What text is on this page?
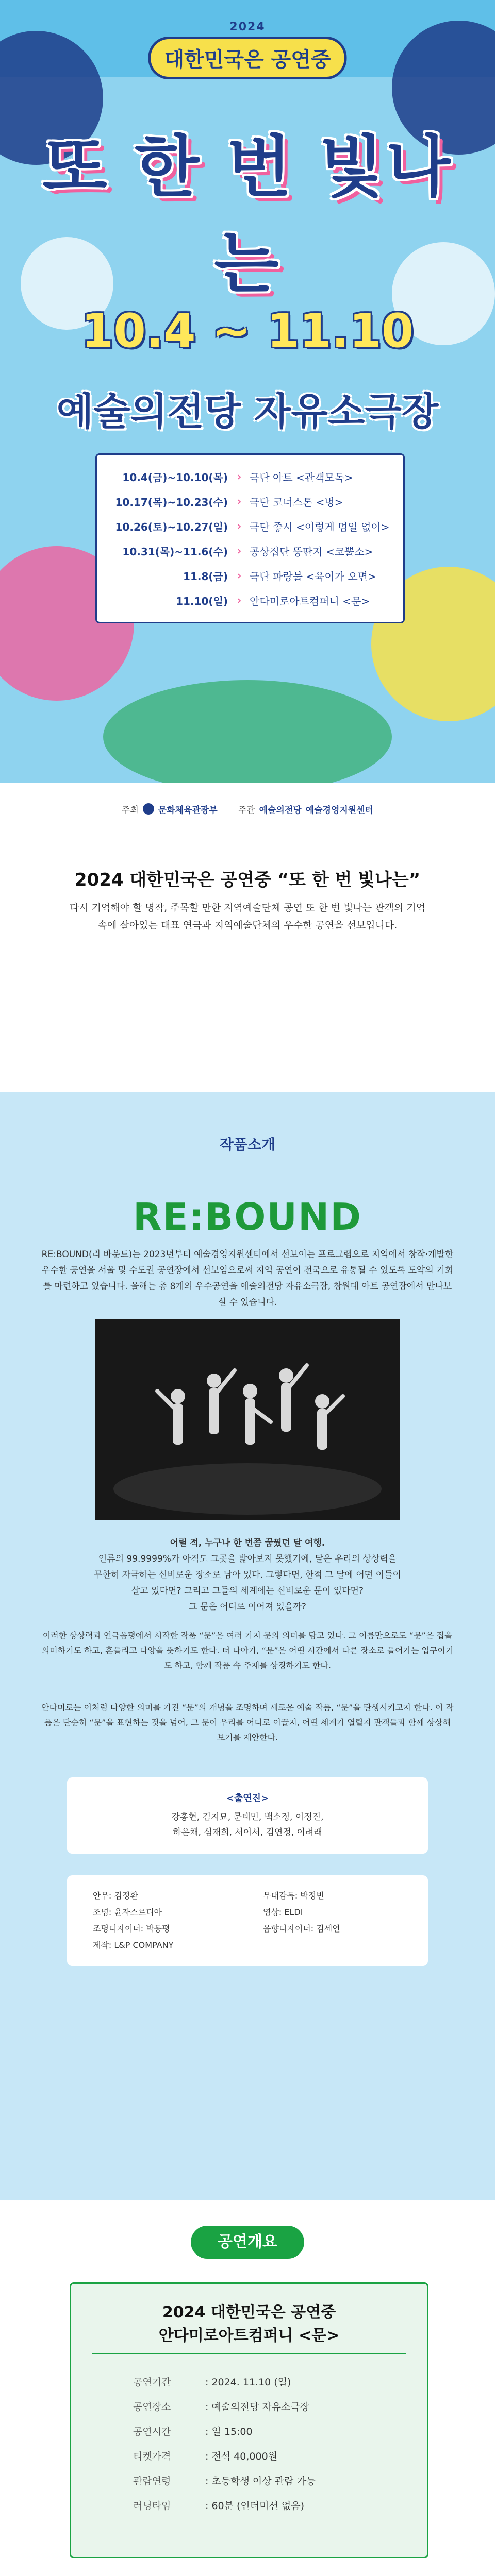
2024
대한민국은 공연중
또 한 번 빛나는
10.4 ~ 11.10
예술의전당 자유소극장
10.4(금)~10.10(목) › 극단 아트 <관객모독>
10.17(목)~10.23(수) › 극단 코너스톤 <벙>
10.26(토)~10.27(일) › 극단 좋시 <이렇게 멈일 없이>
10.31(목)~11.6(수) › 공상집단 뚱딴지 <코뿔소>
11.8(금) › 극단 파랑불 <육이가 오면>
11.10(일) › 안다미로아트컴퍼니 <문>
주최 문화체육관광부 주관 예술의전당 예술경영지원센터
2024 대한민국은 공연중 “또 한 번 빛나는”

다시 기억해야 할 명작, 주목할 만한 지역예술단체 공연 또 한 번 빛나는 관객의 기억속에 살아있는 대표 연극과 지역예술단체의 우수한 공연을 선보입니다.

작품소개
RE:BOUND
RE:BOUND(리 바운드)는 2023년부터 예술경영지원센터에서 선보이는 프로그램으로 지역에서 창작·개발한 우수한 공연을 서울 및 수도권 공연장에서 선보임으로써 지역 공연이 전국으로 유통될 수 있도록 도약의 기회를 마련하고 있습니다. 올해는 총 8개의 우수공연을 예술의전당 자유소극장, 창원대 아트 공연장에서 만나보실 수 있습니다.
어릴 적, 누구나 한 번쯤 꿈꿨던 달 여행.
인류의 99.9999%가 아직도 그곳을 밟아보지 못했기에, 달은 우리의 상상력을
무한히 자극하는 신비로운 장소로 남아 있다. 그렇다면, 한적 그 달에 어떤 이들이
살고 있다면? 그리고 그들의 세계에는 신비로운 문이 있다면?
그 문은 어디로 이어져 있을까?
이러한 상상력과 연극음평에서 시작한 작품 “문”은 여러 가지 문의 의미를 담고 있다. 그 이름만으로도 “문”은 집을 의미하기도 하고, 흔들리고 다양을 뜻하기도 한다. 더 나아가, “문”은 어떤 시간에서 다른 장소로 들어가는 입구이기도 하고, 함께 작품 속 주제를 상징하기도 한다.
안다미로는 이처럼 다양한 의미를 가진 “문”의 개념을 조명하며 새로운 예술 작품, “문”을 탄생시키고자 한다. 이 작품은 단순히 “문”을 표현하는 것을 넘어, 그 문이 우리를 어디로 이끌지, 어떤 세계가 열릴지 관객들과 함께 상상해보기를 제안한다.
<출연진>
강홍현, 김지묘, 문태민, 백소정, 이정진,
하은채, 심재희, 서이서, 김연정, 이려래
안무: 김정환	무대감독: 박정빈
조명: 윤자스르디아	영상: ELDI
조명디자이너: 박동평	음향디자이너: 김세연
제작: L&P COMPANY
공연개요
2024 대한민국은 공연중
안다미로아트컴퍼니 <문>
공연기간	: 2024. 11.10 (일)
공연장소	: 예술의전당 자유소극장
공연시간	: 일 15:00
티켓가격	: 전석 40,000원
관람연령	: 초등학생 이상 관람 가능
러닝타임	: 60분 (인터미션 없음)
